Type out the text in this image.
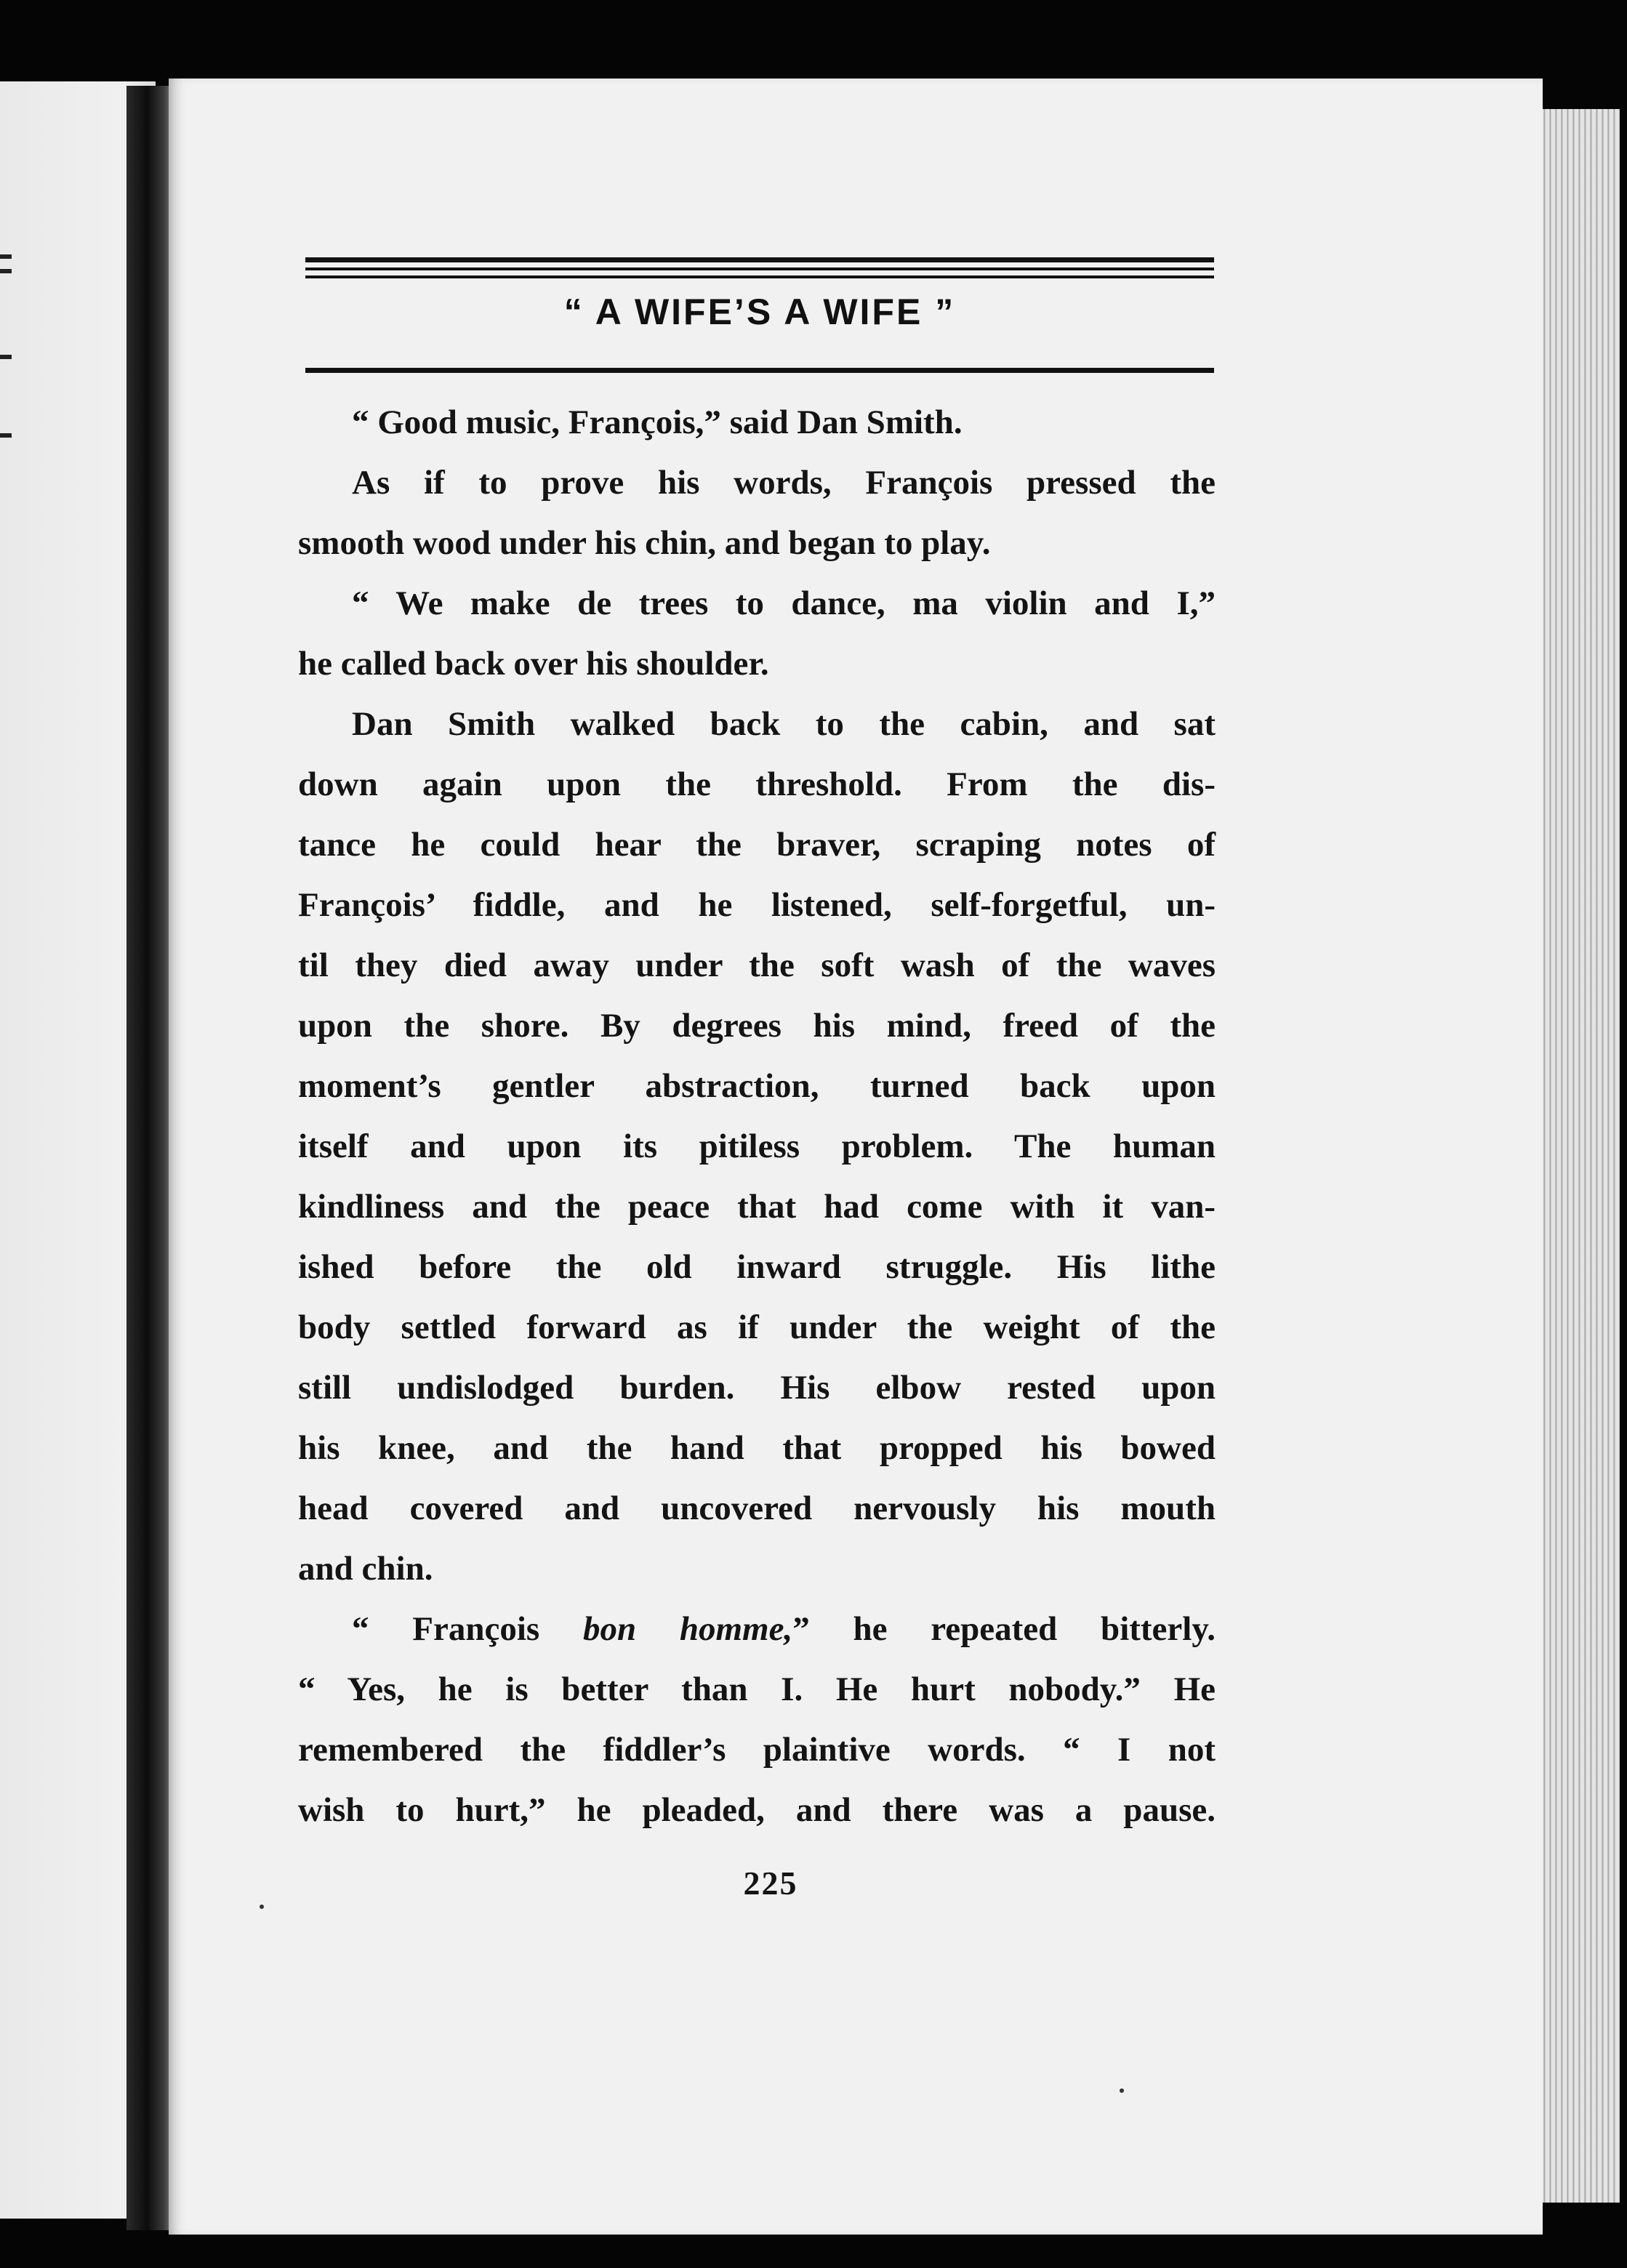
“ A WIFE’S A WIFE ”
“ Good music, François,” said Dan Smith.
As if to prove his words, François pressed the
smooth wood under his chin, and began to play.
“ We make de trees to dance, ma violin and I,”
he called back over his shoulder.
Dan Smith walked back to the cabin, and sat
down again upon the threshold. From the dis-
tance he could hear the braver, scraping notes of
François’ fiddle, and he listened, self-forgetful, un-
til they died away under the soft wash of the waves
upon the shore. By degrees his mind, freed of the
moment’s gentler abstraction, turned back upon
itself and upon its pitiless problem. The human
kindliness and the peace that had come with it van-
ished before the old inward struggle. His lithe
body settled forward as if under the weight of the
still undislodged burden. His elbow rested upon
his knee, and the hand that propped his bowed
head covered and uncovered nervously his mouth
and chin.
“ François bon homme,” he repeated bitterly.
“ Yes, he is better than I. He hurt nobody.” He
remembered the fiddler’s plaintive words. “ I not
wish to hurt,” he pleaded, and there was a pause.
225
